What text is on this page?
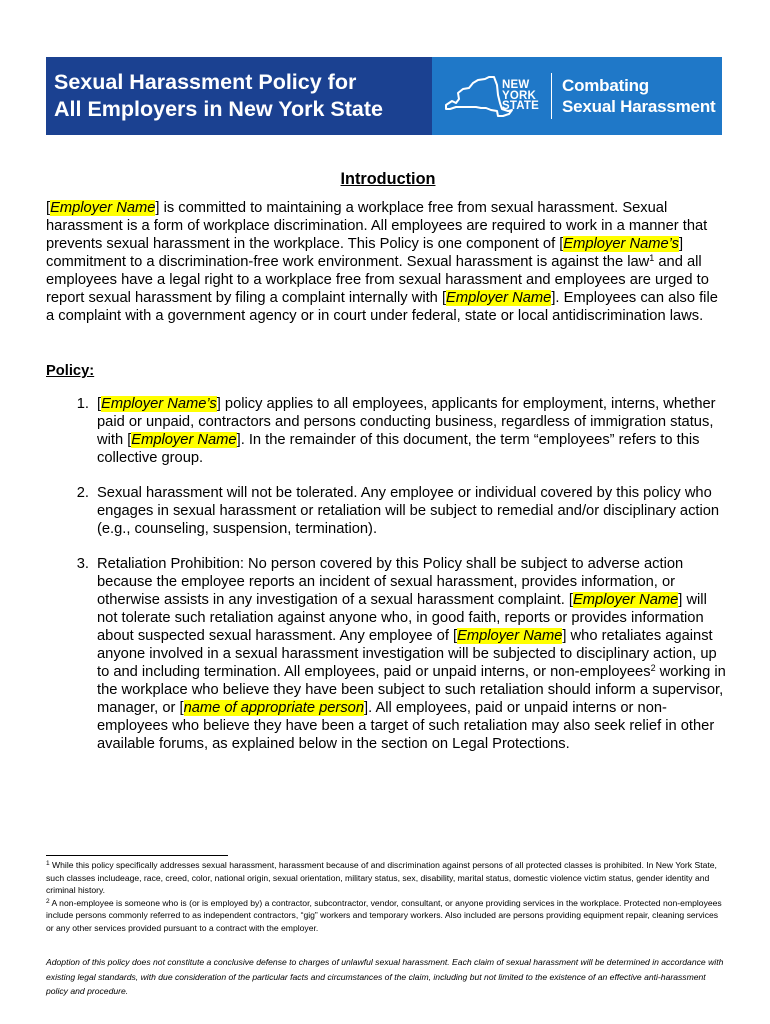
Sexual Harassment Policy for
All Employers in New York State
NEW
YORK
STATE
Combating
Sexual Harassment
Introduction

[Employer Name] is committed to maintaining a workplace free from sexual harassment. Sexual harassment is a form of workplace discrimination. All employees are required to work in a manner that prevents sexual harassment in the workplace. This Policy is one component of [Employer Name’s] commitment to a discrimination-free work environment. Sexual harassment is against the law$^1$ and all employees have a legal right to a workplace free from sexual harassment and employees are urged to report sexual harassment by filing a complaint internally with [Employer Name]. Employees can also file a complaint with a government agency or in court under federal, state or local antidiscrimination laws.

Policy:
1. [Employer Name’s] policy applies to all employees, applicants for employment, interns, whether paid or unpaid, contractors and persons conducting business, regardless of immigration status, with [Employer Name]. In the remainder of this document, the term “employees” refers to this collective group.
2. Sexual harassment will not be tolerated. Any employee or individual covered by this policy who engages in sexual harassment or retaliation will be subject to remedial and/or disciplinary action (e.g., counseling, suspension, termination).
3. Retaliation Prohibition: No person covered by this Policy shall be subject to adverse action because the employee reports an incident of sexual harassment, provides information, or otherwise assists in any investigation of a sexual harassment complaint. [Employer Name] will not tolerate such retaliation against anyone who, in good faith, reports or provides information about suspected sexual harassment. Any employee of [Employer Name] who retaliates against anyone involved in a sexual harassment investigation will be subjected to disciplinary action, up to and including termination. All employees, paid or unpaid interns, or non-employees$^2$ working in the workplace who believe they have been subject to such retaliation should inform a supervisor, manager, or [name of appropriate person]. All employees, paid or unpaid interns or non-employees who believe they have been a target of such retaliation may also seek relief in other available forums, as explained below in the section on Legal Protections.

$^1$ While this policy specifically addresses sexual harassment, harassment because of and discrimination against persons of all protected classes is prohibited. In New York State, such classes includeage, race, creed, color, national origin, sexual orientation, military status, sex, disability, marital status, domestic violence victim status, gender identity and criminal history.

$^2$ A non-employee is someone who is (or is employed by) a contractor, subcontractor, vendor, consultant, or anyone providing services in the workplace. Protected non-employees include persons commonly referred to as independent contractors, “gig” workers and temporary workers. Also included are persons providing equipment repair, cleaning services or any other services provided pursuant to a contract with the employer.

Adoption of this policy does not constitute a conclusive defense to charges of unlawful sexual harassment. Each claim of sexual harassment will be determined in accordance with existing legal standards, with due consideration of the particular facts and circumstances of the claim, including but not limited to the existence of an effective anti-harassment policy and procedure.
